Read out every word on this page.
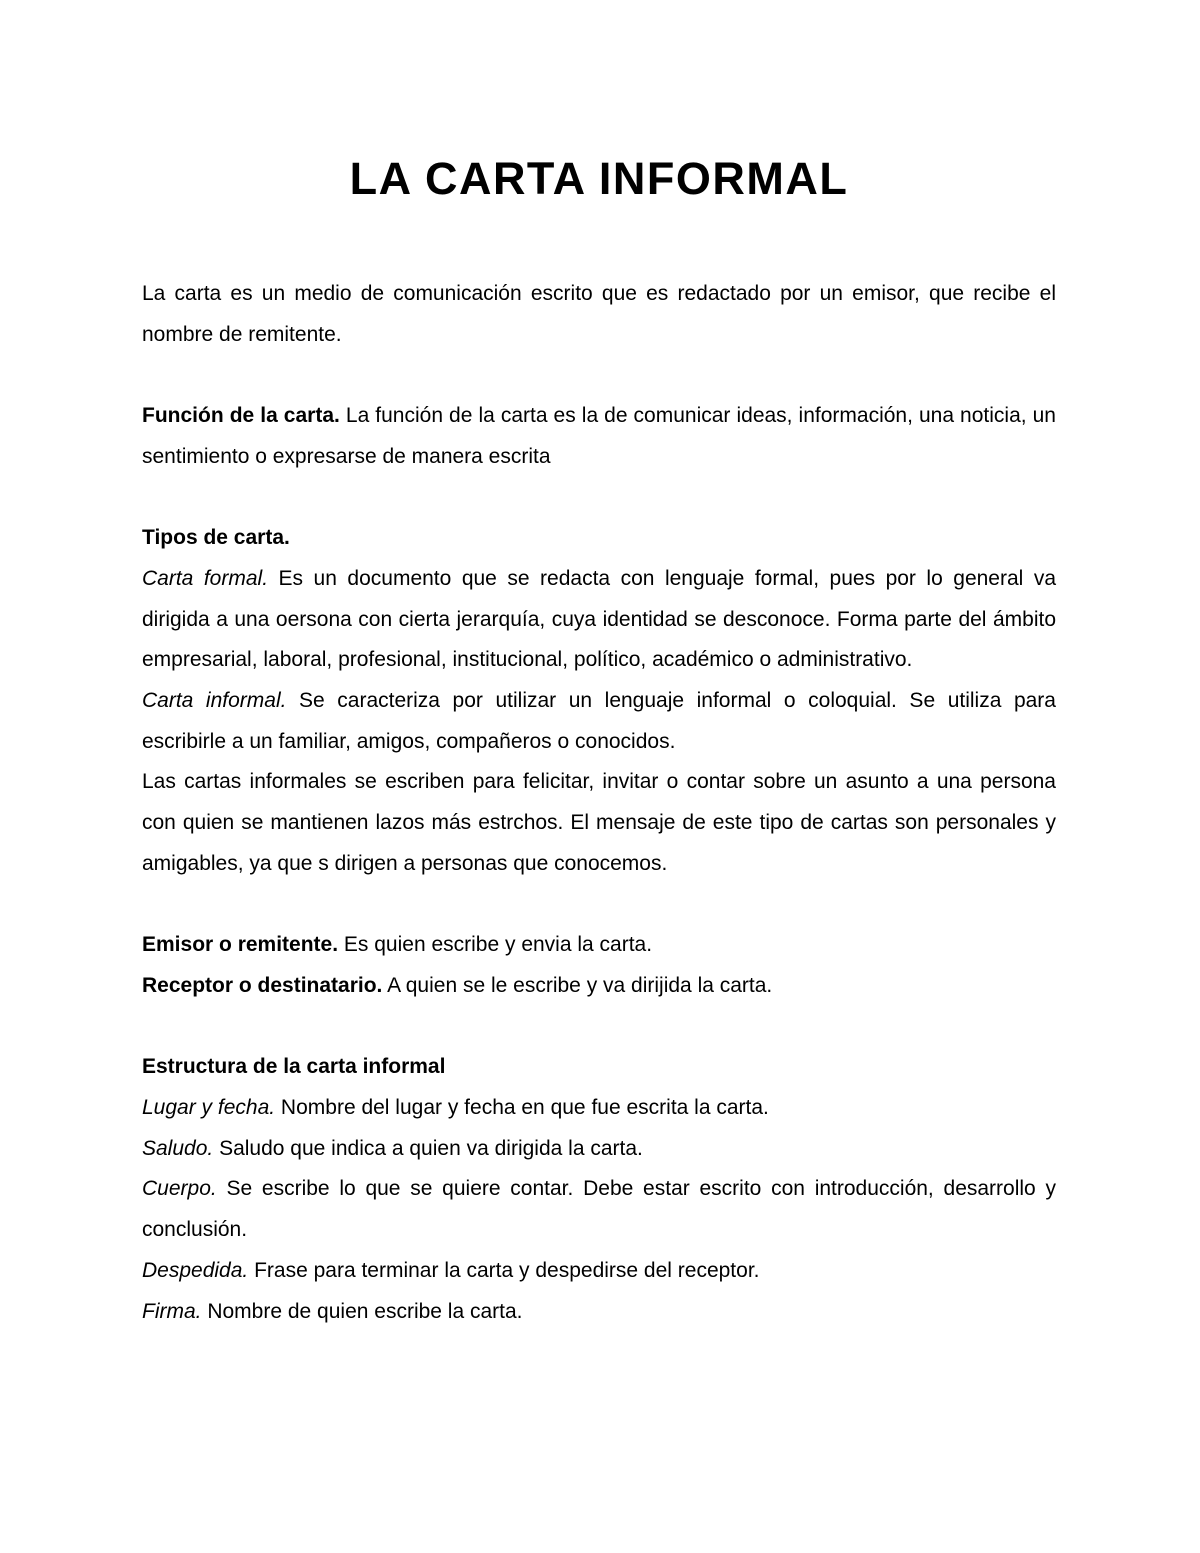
LA CARTA INFORMAL

La carta es un medio de comunicación escrito que es redactado por un emisor, que recibe el nombre de remitente.

Función de la carta. La función de la carta es la de comunicar ideas, información, una noticia, un sentimiento o expresarse de manera escrita

Tipos de carta.

Carta formal. Es un documento que se redacta con lenguaje formal, pues por lo general va dirigida a una oersona con cierta jerarquía, cuya identidad se desconoce. Forma parte del ámbito empresarial, laboral, profesional, institucional, político, académico o administrativo.

Carta informal. Se caracteriza por utilizar un lenguaje informal o coloquial. Se utiliza para escribirle a un familiar, amigos, compañeros o conocidos.

Las cartas informales se escriben para felicitar, invitar o contar sobre un asunto a una persona con quien se mantienen lazos más estrchos. El mensaje de este tipo de cartas son personales y amigables, ya que s dirigen a personas que conocemos.

Emisor o remitente. Es quien escribe y envia la carta.

Receptor o destinatario. A quien se le escribe y va dirijida la carta.

Estructura de la carta informal

Lugar y fecha. Nombre del lugar y fecha en que fue escrita la carta.

Saludo. Saludo que indica a quien va dirigida la carta.

Cuerpo. Se escribe lo que se quiere contar. Debe estar escrito con introducción, desarrollo y conclusión.

Despedida. Frase para terminar la carta y despedirse del receptor.

Firma. Nombre de quien escribe la carta.
